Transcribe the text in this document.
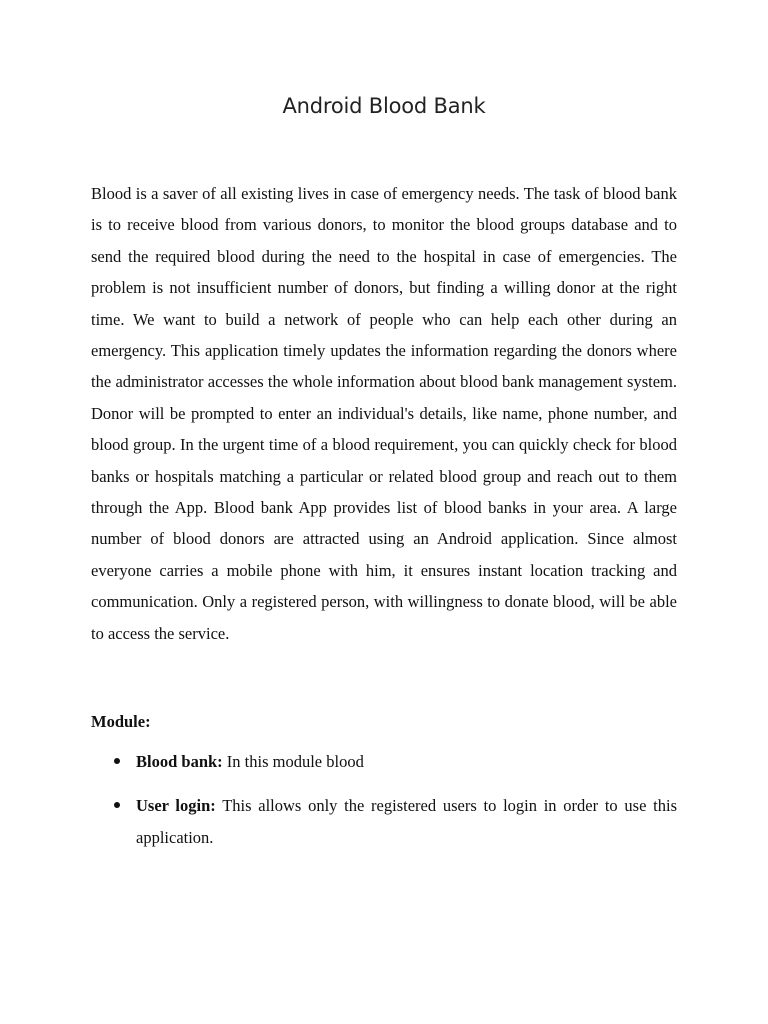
Android Blood Bank

Blood is a saver of all existing lives in case of emergency needs. The task of blood bank is to receive blood from various donors, to monitor the blood groups database and to send the required blood during the need to the hospital in case of emergencies. The problem is not insufficient number of donors, but finding a willing donor at the right time. We want to build a network of people who can help each other during an emergency. This application timely updates the information regarding the donors where the administrator accesses the whole information about blood bank management system. Donor will be prompted to enter an individual's details, like name, phone number, and blood group. In the urgent time of a blood requirement, you can quickly check for blood banks or hospitals matching a particular or related blood group and reach out to them through the App. Blood bank App provides list of blood banks in your area. A large number of blood donors are attracted using an Android application. Since almost everyone carries a mobile phone with him, it ensures instant location tracking and communication. Only a registered person, with willingness to donate blood, will be able to access the service.

Module:

Blood bank: In this module blood
User login: This allows only the registered users to login in order to use this application.
